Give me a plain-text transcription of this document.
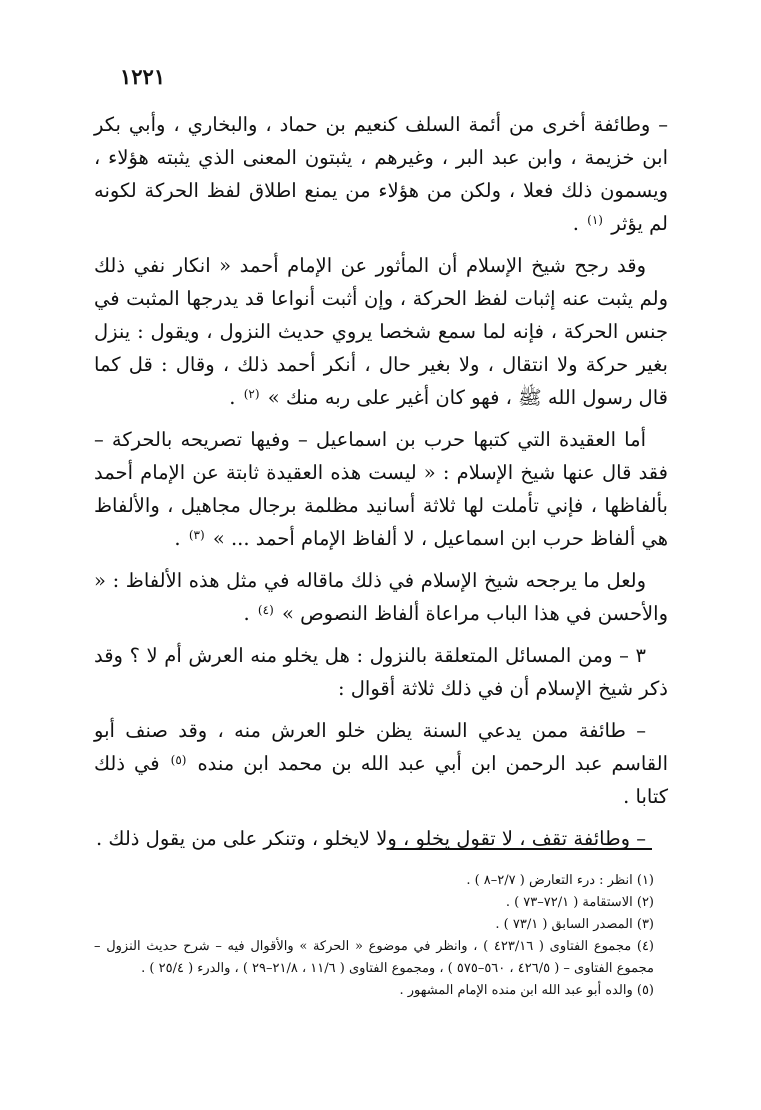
١٢٢١

– وطائفة أخرى من أئمة السلف كنعيم بن حماد ، والبخاري ، وأبي بكر ابن خزيمة ، وابن عبد البر ، وغيرهم ، يثبتون المعنى الذي يثبته هؤلاء ، ويسمون ذلك فعلا ، ولكن من هؤلاء من يمنع اطلاق لفظ الحركة لكونه لم يؤثر $^{(١)}$ .

وقد رجح شيخ الإسلام أن المأثور عن الإمام أحمد « انكار نفي ذلك ولم يثبت عنه إثبات لفظ الحركة ، وإن أثبت أنواعا قد يدرجها المثبت في جنس الحركة ، فإنه لما سمع شخصا يروي حديث النزول ، ويقول : ينزل بغير حركة ولا انتقال ، ولا بغير حال ، أنكر أحمد ذلك ، وقال : قل كما قال رسول الله ﷺ ، فهو كان أغير على ربه منك » $^{(٢)}$ .

أما العقيدة التي كتبها حرب بن اسماعيل – وفيها تصريحه بالحركة – فقد قال عنها شيخ الإسلام : « ليست هذه العقيدة ثابتة عن الإمام أحمد بألفاظها ، فإني تأملت لها ثلاثة أسانيد مظلمة برجال مجاهيل ، والألفاظ هي ألفاظ حرب ابن اسماعيل ، لا ألفاظ الإمام أحمد ... » $^{(٣)}$ .

ولعل ما يرجحه شيخ الإسلام في ذلك ماقاله في مثل هذه الألفاظ : « والأحسن في هذا الباب مراعاة ألفاظ النصوص » $^{(٤)}$ .

٣ – ومن المسائل المتعلقة بالنزول : هل يخلو منه العرش أم لا ؟ وقد ذكر شيخ الإسلام أن في ذلك ثلاثة أقوال :

– طائفة ممن يدعي السنة يظن خلو العرش منه ، وقد صنف أبو القاسم عبد الرحمن ابن أبي عبد الله بن محمد ابن منده $^{(٥)}$ في ذلك كتابا .

– وطائفة تقف ، لا تقول يخلو ، ولا لايخلو ، وتنكر على من يقول ذلك .

(١) انظر : درء التعارض ( ٢/٧–٨ ) .

(٢) الاستقامة ( ٧٢/١–٧٣ ) .

(٣) المصدر السابق ( ٧٣/١ ) .

(٤) مجموع الفتاوى ( ٤٢٣/١٦ ) ، وانظر في موضوع « الحركة » والأقوال فيه – شرح حديث النزول – مجموع الفتاوى – ( ٤٢٦/٥ ، ٥٦٠–٥٧٥ ) ، ومجموع الفتاوى ( ١١/٦ ، ٢١/٨–٢٩ ) ، والدرء ( ٢٥/٤ ) .

(٥) والده أبو عبد الله ابن منده الإمام المشهور .
